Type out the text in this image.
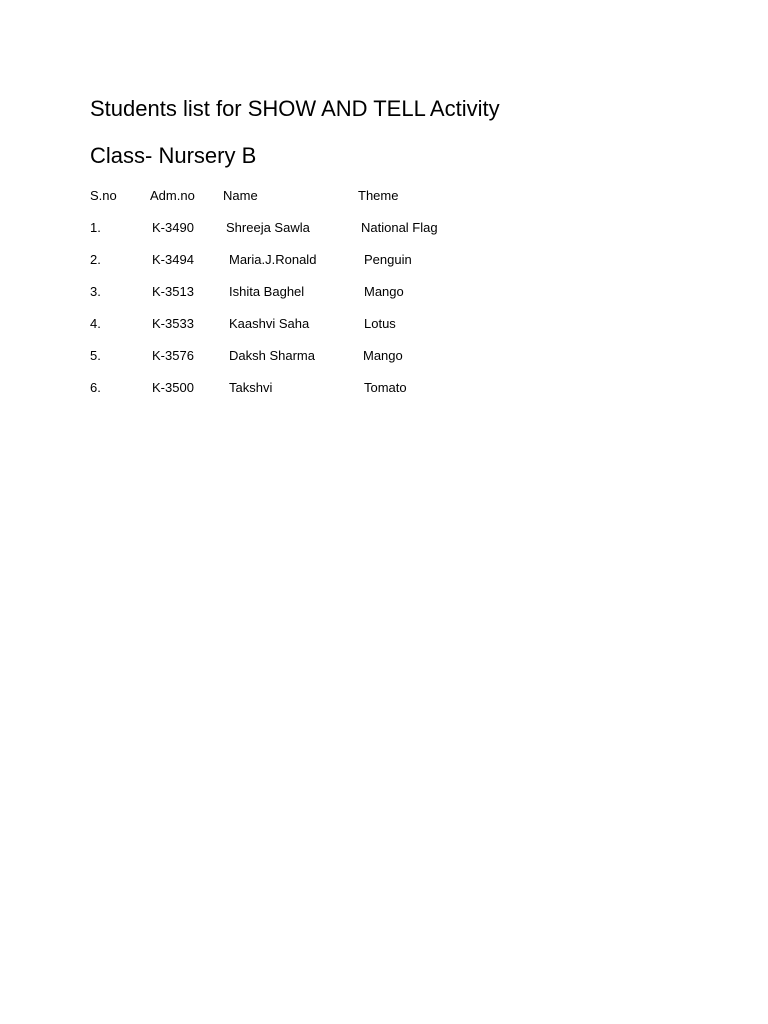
Students list for SHOW AND TELL Activity
Class- Nursery B
S.no	Adm.no Name	Theme
1.	K-3490 Shreeja Sawla	National Flag
2.	K-3494	Maria.J.Ronald	Penguin
3.	K-3513	Ishita Baghel	Mango
4.	K-3533	Kaashvi Saha	Lotus
5.	K-3576	Daksh Sharma	Mango
6.	K-3500	Takshvi	Tomato
